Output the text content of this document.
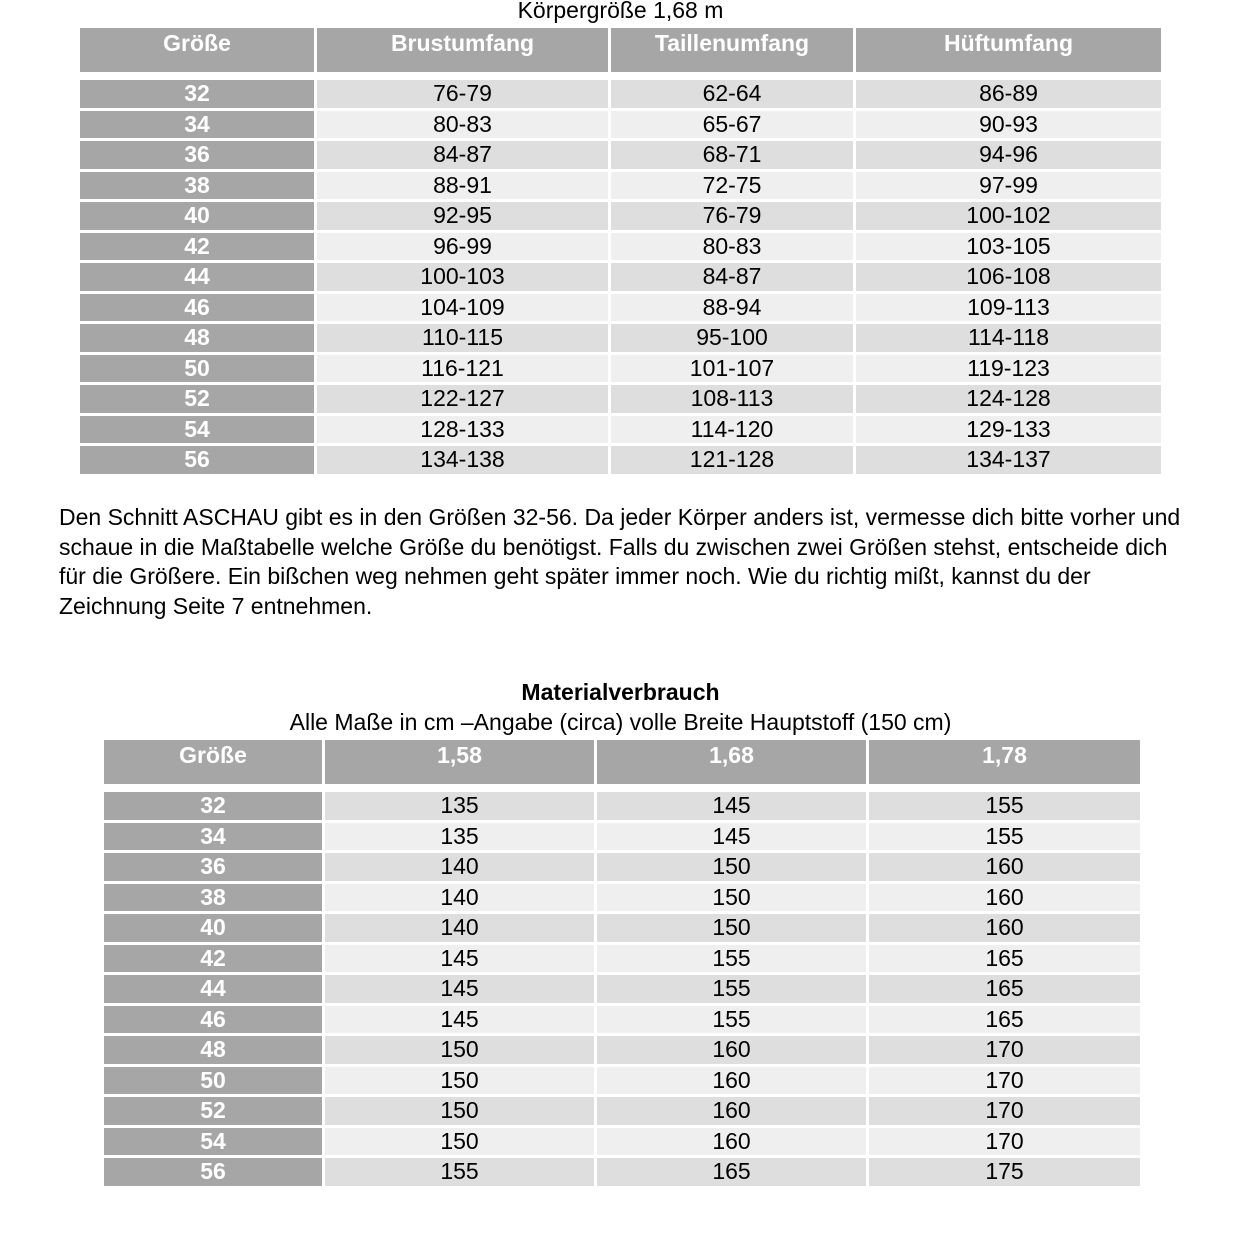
Körpergröße 1,68 m
Größe	Brustumfang	Taillenumfang	Hüftumfang

32	76-79	62-64	86-89
34	80-83	65-67	90-93
36	84-87	68-71	94-96
38	88-91	72-75	97-99
40	92-95	76-79	100-102
42	96-99	80-83	103-105
44	100-103	84-87	106-108
46	104-109	88-94	109-113
48	110-115	95-100	114-118
50	116-121	101-107	119-123
52	122-127	108-113	124-128
54	128-133	114-120	129-133
56	134-138	121-128	134-137
Den Schnitt ASCHAU gibt es in den Größen 32-56. Da jeder Körper anders ist, vermesse dich bitte vorher und schaue in die Maßtabelle welche Größe du benötigst. Falls du zwischen zwei Größen stehst, entscheide dich für die Größere. Ein bißchen weg nehmen geht später immer noch. Wie du richtig mißt, kannst du der Zeichnung Seite 7 entnehmen.
Materialverbrauch
Alle Maße in cm –Angabe (circa) volle Breite Hauptstoff (150 cm)
Größe	1,58	1,68	1,78

32	135	145	155
34	135	145	155
36	140	150	160
38	140	150	160
40	140	150	160
42	145	155	165
44	145	155	165
46	145	155	165
48	150	160	170
50	150	160	170
52	150	160	170
54	150	160	170
56	155	165	175
